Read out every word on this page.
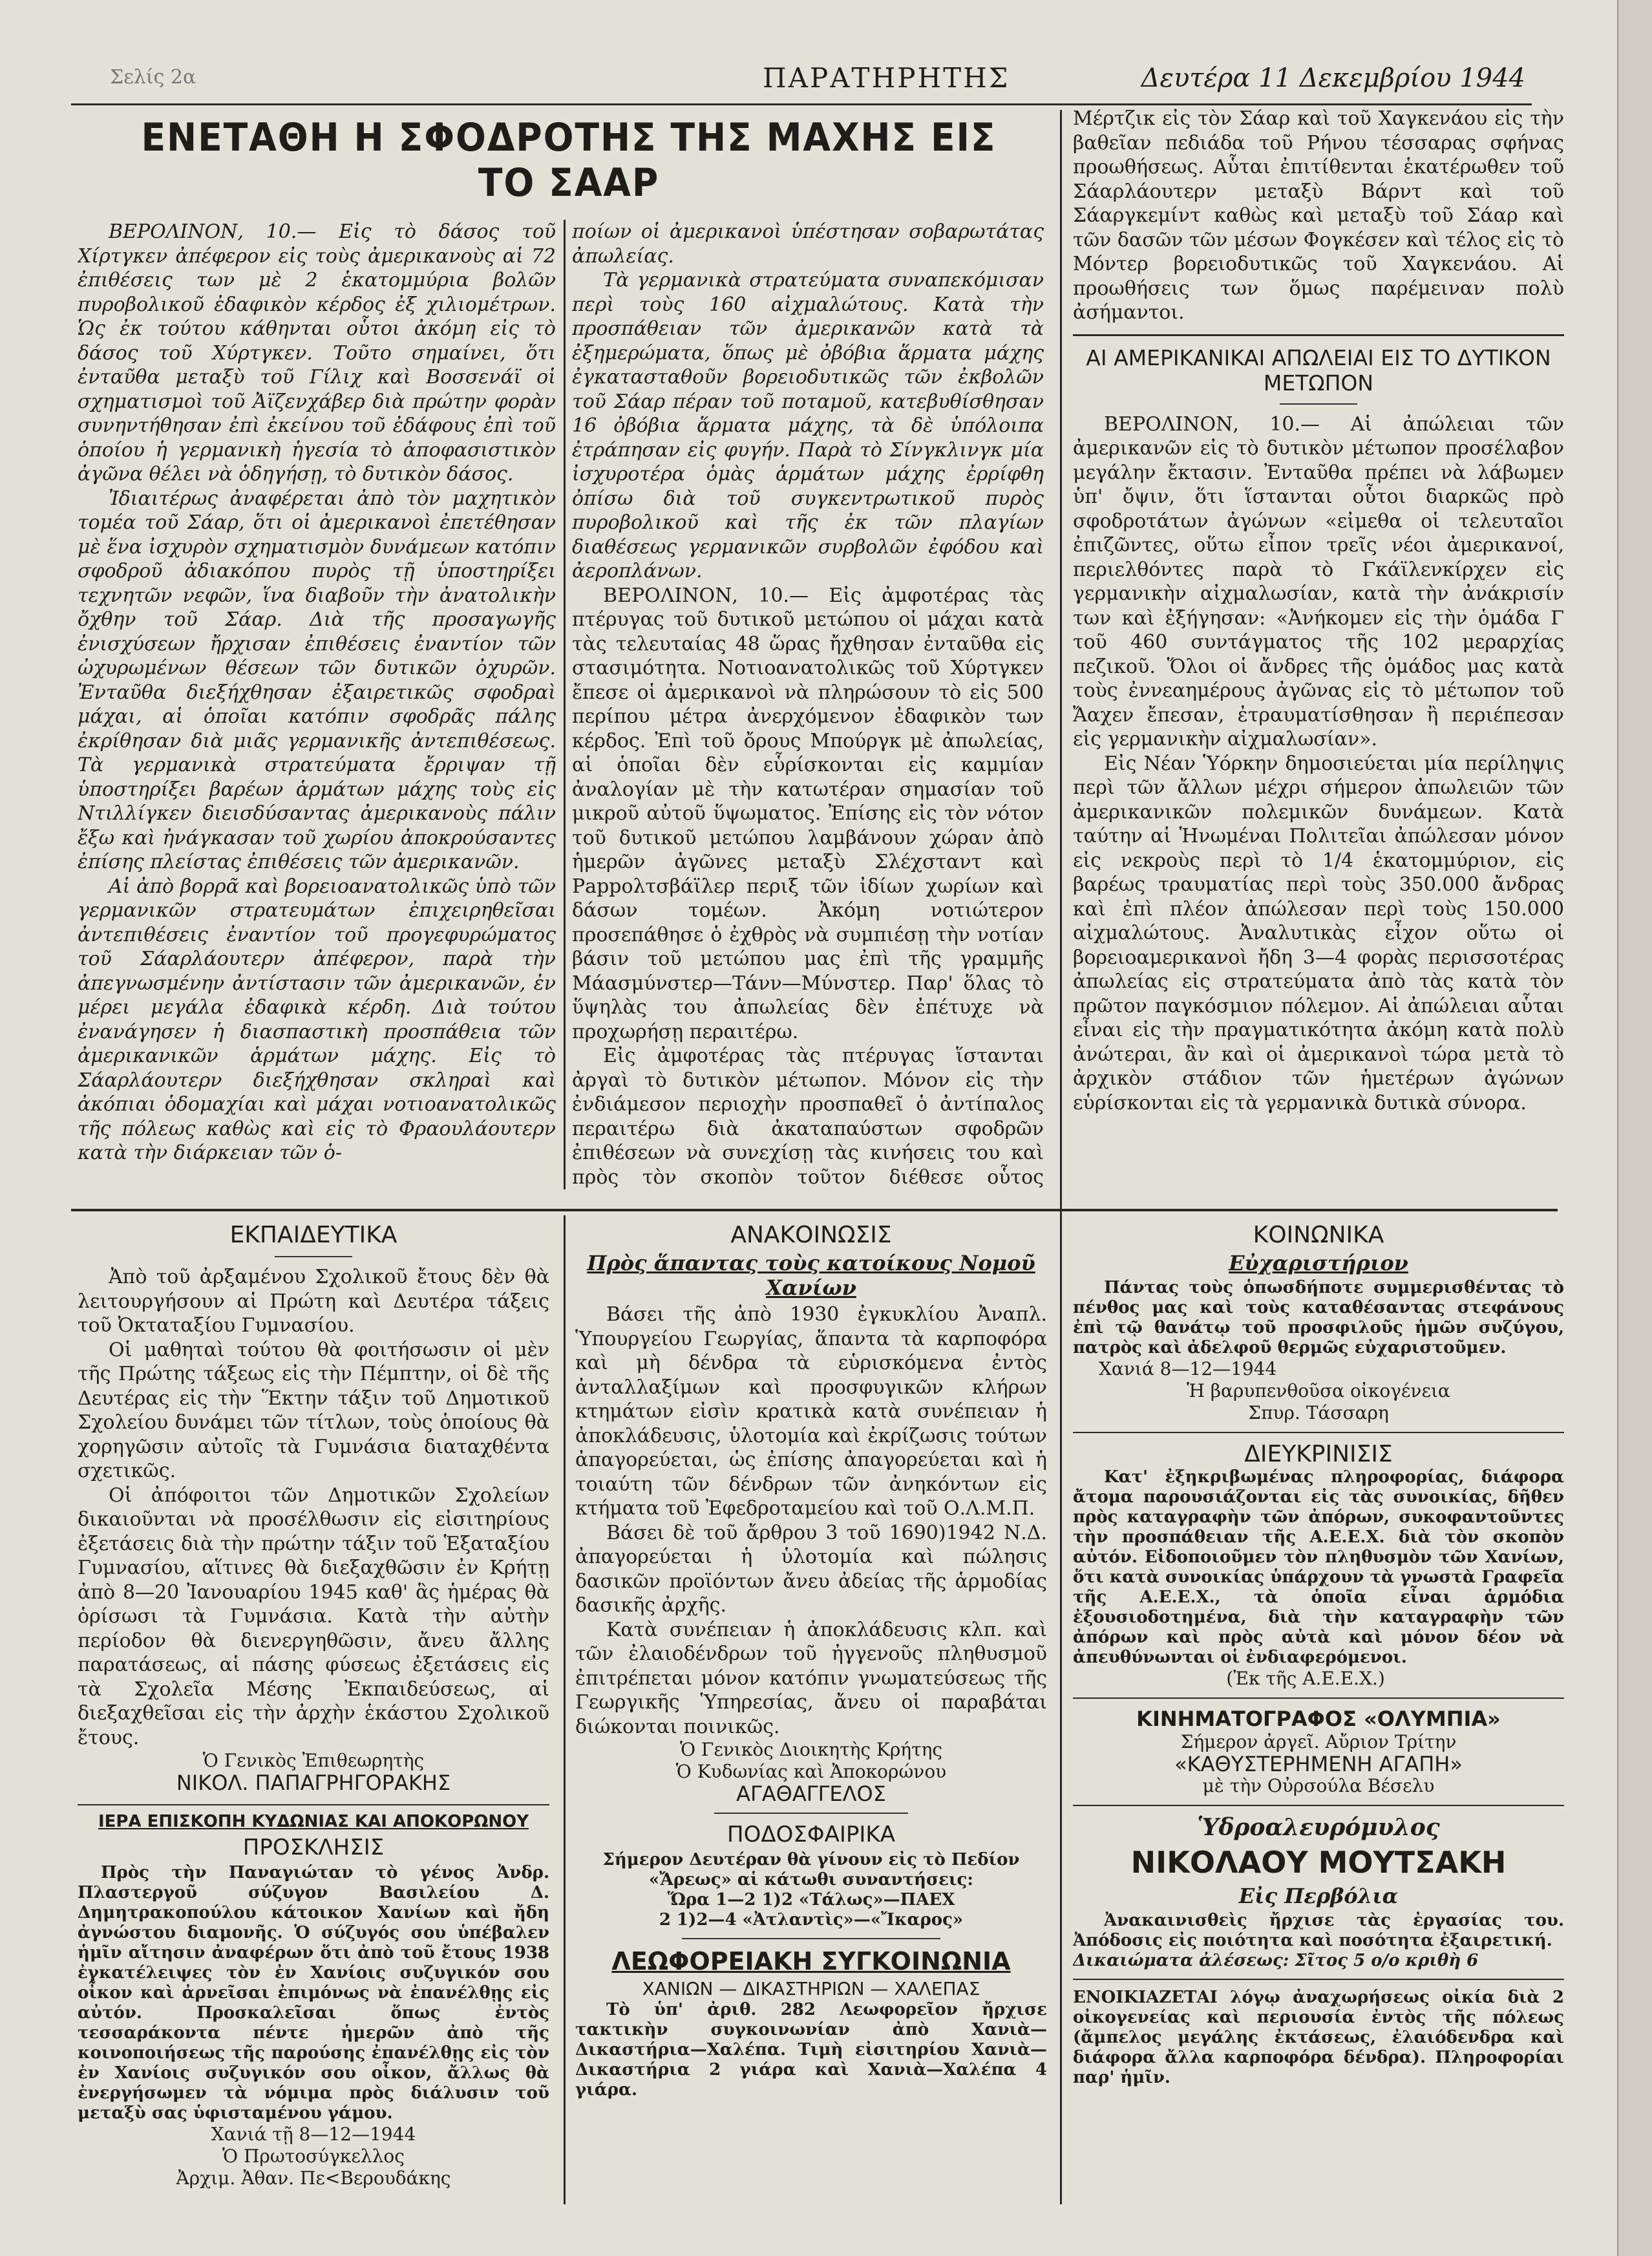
Σελίς 2α	ΠΑΡΑΤΗΡΗΤΗΣ	Δευτέρα 11 Δεκεμβρίου 1944
ΕΝΕΤΑΘΗ Η ΣΦΟΔΡΟΤΗΣ ΤΗΣ ΜΑΧΗΣ ΕΙΣ ΤΟ ΣΑΑΡ

ΒΕΡΟΛΙΝΟΝ, 10.— Εἰς τὸ δάσος τοῦ Χίρτγκεν ἀπέφερον εἰς τοὺς ἀμερικανοὺς αἱ 72 ἐπιθέσεις των μὲ 2 ἑκατομμύρια βολῶν πυροβολικοῦ ἐδαφικὸν κέρδος ἐξ χιλιομέτρων. Ὡς ἐκ τούτου κάθηνται οὗτοι ἀκόμη εἰς τὸ δάσος τοῦ Χύρτγκεν. Τοῦτο σημαίνει, ὅτι ἐνταῦθα μεταξὺ τοῦ Γίλιχ καὶ Βοσσενάϊ οἱ σχηματισμοὶ τοῦ Ἀϊζενχάβερ διὰ πρώτην φορὰν συνηντήθησαν ἐπὶ ἐκείνου τοῦ ἐδάφους ἐπὶ τοῦ ὁποίου ἡ γερμανικὴ ἡγεσία τὸ ἀποφασιστικὸν ἀγῶνα θέλει νὰ ὁδηγήσῃ, τὸ δυτικὸν δάσος.

Ἰδιαιτέρως ἀναφέρεται ἀπὸ τὸν μαχητικὸν τομέα τοῦ Σάαρ, ὅτι οἱ ἀμερικανοὶ ἐπετέθησαν μὲ ἕνα ἰσχυρὸν σχηματισμὸν δυνάμεων κατόπιν σφοδροῦ ἀδιακόπου πυρὸς τῇ ὑποστηρίξει τεχνητῶν νεφῶν, ἵνα διαβοῦν τὴν ἀνατολικὴν ὄχθην τοῦ Σάαρ. Διὰ τῆς προσαγωγῆς ἐνισχύσεων ἤρχισαν ἐπιθέσεις ἐναντίον τῶν ὠχυρωμένων θέσεων τῶν δυτικῶν ὀχυρῶν. Ἐνταῦθα διεξήχθησαν ἐξαιρετικῶς σφοδραὶ μάχαι, αἱ ὁποῖαι κατόπιν σφοδρᾶς πάλης ἐκρίθησαν διὰ μιᾶς γερμανικῆς ἀντεπιθέσεως. Τὰ γερμανικὰ στρατεύματα ἔρριψαν τῇ ὑποστηρίξει βαρέων ἁρμάτων μάχης τοὺς εἰς Ντιλλίγκεν διεισδύσαντας ἀμερικανοὺς πάλιν ἔξω καὶ ἠνάγκασαν τοῦ χωρίου ἀποκρούσαντες ἐπίσης πλείστας ἐπιθέσεις τῶν ἀμερικανῶν.

Αἱ ἀπὸ βορρᾶ καὶ βορειοανατολικῶς ὑπὸ τῶν γερμανικῶν στρατευμάτων ἐπιχειρηθεῖσαι ἀντεπιθέσεις ἐναντίον τοῦ προγεφυρώματος τοῦ Σάαρλάουτερν ἀπέφερον, παρὰ τὴν ἀπεγνωσμένην ἀντίστασιν τῶν ἀμερικανῶν, ἐν μέρει μεγάλα ἐδαφικὰ κέρδη. Διὰ τούτου ἐνανάγησεν ἡ διασπαστικὴ προσπάθεια τῶν ἀμερικανικῶν ἁρμάτων μάχης. Εἰς τὸ Σάαρλάουτερν διεξήχθησαν σκληραὶ καὶ ἀκόπιαι ὁδομαχίαι καὶ μάχαι νοτιοανατολικῶς τῆς πόλεως καθὼς καὶ εἰς τὸ Φραουλάουτερν κατὰ τὴν διάρκειαν τῶν ὁ-

ποίων οἱ ἀμερικανοὶ ὑπέστησαν σοβαρωτάτας ἀπωλείας.

Τὰ γερμανικὰ στρατεύματα συναπεκόμισαν περὶ τοὺς 160 αἰχμαλώτους. Κατὰ τὴν προσπάθειαν τῶν ἀμερικανῶν κατὰ τὰ ἐξημερώματα, ὅπως μὲ ὀβόβια ἅρματα μάχης ἐγκατασταθοῦν βορειοδυτικῶς τῶν ἐκβολῶν τοῦ Σάαρ πέραν τοῦ ποταμοῦ, κατεβυθίσθησαν 16 ὀβόβια ἅρματα μάχης, τὰ δὲ ὑπόλοιπα ἐτράπησαν εἰς φυγήν. Παρὰ τὸ Σίνγκλινγκ μία ἰσχυροτέρα ὁμὰς ἁρμάτων μάχης ἐρρίφθη ὀπίσω διὰ τοῦ συγκεντρωτικοῦ πυρὸς πυροβολικοῦ καὶ τῆς ἐκ τῶν πλαγίων διαθέσεως γερμανικῶν συρβολῶν ἐφόδου καὶ ἀεροπλάνων.

ΒΕΡΟΛΙΝΟΝ, 10.— Εἰς ἀμφοτέρας τὰς πτέρυγας τοῦ δυτικοῦ μετώπου οἱ μάχαι κατὰ τὰς τελευταίας 48 ὥρας ἤχθησαν ἐνταῦθα εἰς στασιμότητα. Νοτιοανατολικῶς τοῦ Χύρτγκεν ἔπεσε οἱ ἀμερικανοὶ νὰ πληρώσουν τὸ εἰς 500 περίπου μέτρα ἀνερχόμενον ἐδαφικὸν των κέρδος. Ἐπὶ τοῦ ὄρους Μπούργκ μὲ ἀπωλείας, αἱ ὁποῖαι δὲν εὗρίσκονται εἰς καμμίαν ἀναλογίαν μὲ τὴν κατωτέραν σημασίαν τοῦ μικροῦ αὐτοῦ ὕψωματος. Ἐπίσης εἰς τὸν νότον τοῦ δυτικοῦ μετώπου λαμβάνουν χώραν ἀπὸ ἡμερῶν ἀγῶνες μεταξὺ Σλέχσταντ καὶ Ρappολτσβάϊλερ περιξ τῶν ἰδίων χωρίων καὶ δάσων τομέων. Ἀκόμη νοτιώτερον προσεπάθησε ὁ ἐχθρὸς νὰ συμπιέσῃ τὴν νοτίαν βάσιν τοῦ μετώπου μας ἐπὶ τῆς γραμμῆς Μάασμύνστερ—Τάνν—Μύνστερ. Παρ' ὅλας τὸ ὕψηλὰς του ἀπωλείας δὲν ἐπέτυχε νὰ προχωρήσῃ περαιτέρω.

Εἰς ἀμφοτέρας τὰς πτέρυγας ἵστανται ἀργαὶ τὸ δυτικὸν μέτωπον. Μόνον εἰς τὴν ἐνδιάμεσον περιοχὴν προσπαθεῖ ὁ ἀντίπαλος περαιτέρω διὰ ἀκαταπαύστων σφοδρῶν ἐπιθέσεων νὰ συνεχίσῃ τὰς κινήσεις του καὶ πρὸς τὸν σκοπὸν τοῦτον διέθεσε οὗτος

Μέρτζικ εἰς τὸν Σάαρ καὶ τοῦ Χαγκενάου εἰς τὴν βαθεῖαν πεδιάδα τοῦ Ρήνου τέσσαρας σφήνας προωθήσεως. Αὗται ἐπιτίθενται ἑκατέρωθεν τοῦ Σάαρλάουτερν μεταξὺ Βάρντ καὶ τοῦ Σάαργκεμίντ καθὼς καὶ μεταξὺ τοῦ Σάαρ καὶ τῶν δασῶν τῶν μέσων Φογκέσεν καὶ τέλος εἰς τὸ Μόντερ βορειοδυτικῶς τοῦ Χαγκενάου. Αἱ προωθήσεις των ὅμως παρέμειναν πολὺ ἀσήμαντοι.

ΑΙ ΑΜΕΡΙΚΑΝΙΚΑΙ ΑΠΩΛΕΙΑΙ ΕΙΣ ΤΟ ΔΥΤΙΚΟΝ ΜΕΤΩΠΟΝ

ΒΕΡΟΛΙΝΟΝ, 10.— Αἱ ἀπώλειαι τῶν ἀμερικανῶν εἰς τὸ δυτικὸν μέτωπον προσέλαβον μεγάλην ἔκτασιν. Ἐνταῦθα πρέπει νὰ λάβωμεν ὑπ' ὄψιν, ὅτι ἵστανται οὗτοι διαρκῶς πρὸ σφοδροτάτων ἀγώνων «εἰμεθα οἱ τελευταῖοι ἐπιζῶντες, οὕτω εἶπον τρεῖς νέοι ἀμερικανοί, περιελθόντες παρὰ τὸ Γκάϊλενκίρχεν εἰς γερμανικὴν αἰχμαλωσίαν, κατὰ τὴν ἀνάκρισίν των καὶ ἐξήγησαν: «Ἀνήκομεν εἰς τὴν ὁμάδα Γ τοῦ 460 συντάγματος τῆς 102 μεραρχίας πεζικοῦ. Ὅλοι οἱ ἄνδρες τῆς ὁμάδος μας κατὰ τοὺς ἐννεαημέρους ἀγῶνας εἰς τὸ μέτωπον τοῦ Ἄαχεν ἔπεσαν, ἐτραυματίσθησαν ἢ περιέπεσαν εἰς γερμανικὴν αἰχμαλωσίαν».

Εἰς Νέαν Ὑόρκην δημοσιεύεται μία περίληψις περὶ τῶν ἄλλων μέχρι σήμερον ἀπωλειῶν τῶν ἀμερικανικῶν πολεμικῶν δυνάμεων. Κατὰ ταύτην αἱ Ἡνωμέναι Πολιτεῖαι ἀπώλεσαν μόνον εἰς νεκροὺς περὶ τὸ 1/4 ἑκατομμύριον, εἰς βαρέως τραυματίας περὶ τοὺς 350.000 ἄνδρας καὶ ἐπὶ πλέον ἀπώλεσαν περὶ τοὺς 150.000 αἰχμαλώτους. Ἀναλυτικὰς εἶχον οὕτω οἱ βορειοαμερικανοὶ ἤδη 3—4 φορὰς περισσοτέρας ἀπωλείας εἰς στρατεύματα ἀπὸ τὰς κατὰ τὸν πρῶτον παγκόσμιον πόλεμον. Αἱ ἀπώλειαι αὗται εἶναι εἰς τὴν πραγματικότητα ἀκόμη κατὰ πολὺ ἀνώτεραι, ἂν καὶ οἱ ἀμερικανοὶ τώρα μετὰ τὸ ἀρχικὸν στάδιον τῶν ἡμετέρων ἀγώνων εὑρίσκονται εἰς τὰ γερμανικὰ δυτικὰ σύνορα.

ΕΚΠΑΙΔΕΥΤΙΚΑ

Ἀπὸ τοῦ ἀρξαμένου Σχολικοῦ ἔτους δὲν θὰ λειτουργήσουν αἱ Πρώτη καὶ Δευτέρα τάξεις τοῦ Ὀκταταξίου Γυμνασίου.

Οἱ μαθηταὶ τούτου θὰ φοιτήσωσιν οἱ μὲν τῆς Πρώτης τάξεως εἰς τὴν Πέμπτην, οἱ δὲ τῆς Δευτέρας εἰς τὴν Ἕκτην τάξιν τοῦ Δημοτικοῦ Σχολείου δυνάμει τῶν τίτλων, τοὺς ὁποίους θὰ χορηγῶσιν αὐτοῖς τὰ Γυμνάσια διαταχθέντα σχετικῶς.

Οἱ ἀπόφοιτοι τῶν Δημοτικῶν Σχολείων δικαιοῦνται νὰ προσέλθωσιν εἰς εἰσιτηρίους ἐξετάσεις διὰ τὴν πρώτην τάξιν τοῦ Ἑξαταξίου Γυμνασίου, αἵτινες θὰ διεξαχθῶσιν ἐν Κρήτῃ ἀπὸ 8—20 Ἰανουαρίου 1945 καθ' ἃς ἡμέρας θὰ ὁρίσωσι τὰ Γυμνάσια. Κατὰ τὴν αὐτὴν περίοδον θὰ διενεργηθῶσιν, ἄνευ ἄλλης παρατάσεως, αἱ πάσης φύσεως ἐξετάσεις εἰς τὰ Σχολεῖα Μέσης Ἐκπαιδεύσεως, αἱ διεξαχθεῖσαι εἰς τὴν ἀρχὴν ἑκάστου Σχολικοῦ ἔτους.

Ὁ Γενικὸς Ἐπιθεωρητὴς

ΝΙΚΟΛ. ΠΑΠΑΓΡΗΓΟΡΑΚΗΣ

ΙΕΡΑ ΕΠΙΣΚΟΠΗ ΚΥΔΩΝΙΑΣ ΚΑΙ ΑΠΟΚΟΡΩΝΟΥ

ΠΡΟΣΚΛΗΣΙΣ

Πρὸς τὴν Παναγιώταν τὸ γένος Ἀνδρ. Πλαστεργοῦ σύζυγον Βασιλείου Δ. Δημητρακοπούλου κάτοικον Χανίων καὶ ἤδη ἀγνώστου διαμονῆς. Ὁ σύζυγός σου ὑπέβαλεν ἡμῖν αἴτησιν ἀναφέρων ὅτι ἀπὸ τοῦ ἔτους 1938 ἐγκατέλειψες τὸν ἐν Χανίοις συζυγικόν σου οἶκον καὶ ἀρνεῖσαι ἐπιμόνως νὰ ἐπανέλθῃς εἰς αὐτόν. Προσκαλεῖσαι ὅπως ἐντὸς τεσσαράκοντα πέντε ἡμερῶν ἀπὸ τῆς κοινοποιήσεως τῆς παρούσης ἐπανέλθῃς εἰς τὸν ἐν Χανίοις συζυγικόν σου οἶκον, ἄλλως θὰ ἐνεργήσωμεν τὰ νόμιμα πρὸς διάλυσιν τοῦ μεταξὺ σας ὑφισταμένου γάμου.

Χανιά τῇ 8—12—1944

Ὁ Πρωτοσύγκελλος

Ἀρχιμ. Ἀθαν. Πε<Βερουδάκης

ΑΝΑΚΟΙΝΩΣΙΣ

Πρὸς ἅπαντας τοὺς κατοίκους Νομοῦ Χανίων

Βάσει τῆς ἀπὸ 1930 ἐγκυκλίου Ἀναπλ. Ὑπουργείου Γεωργίας, ἅπαντα τὰ καρποφόρα καὶ μὴ δένδρα τὰ εὑρισκόμενα ἐντὸς ἀνταλλαξίμων καὶ προσφυγικῶν κλήρων κτημάτων εἰσὶν κρατικὰ κατὰ συνέπειαν ἡ ἀποκλάδευσις, ὑλοτομία καὶ ἐκρίζωσις τούτων ἀπαγορεύεται, ὡς ἐπίσης ἀπαγορεύεται καὶ ἡ τοιαύτη τῶν δένδρων τῶν ἀνηκόντων εἰς κτήματα τοῦ Ἐφεδροταμείου καὶ τοῦ Ο.Λ.Μ.Π.

Βάσει δὲ τοῦ ἄρθρου 3 τοῦ 1690)1942 Ν.Δ. ἀπαγορεύεται ἡ ὑλοτομία καὶ πώλησις δασικῶν προϊόντων ἄνευ ἀδείας τῆς ἁρμοδίας δασικῆς ἀρχῆς.

Κατὰ συνέπειαν ἡ ἀποκλάδευσις κλπ. καὶ τῶν ἐλαιοδένδρων τοῦ ἠγγενοῦς πληθυσμοῦ ἐπιτρέπεται μόνον κατόπιν γνωματεύσεως τῆς Γεωργικῆς Ὑπηρεσίας, ἄνευ οἱ παραβάται διώκονται ποινικῶς.

Ὁ Γενικὸς Διοικητὴς Κρήτης

Ὁ Κυδωνίας καὶ Ἀποκορώνου

ΑΓΑΘΑΓΓΕΛΟΣ

ΠΟΔΟΣΦΑΙΡΙΚΑ

Σήμερον Δευτέραν θὰ γίνουν εἰς τὸ Πεδίον «Ἄρεως» αἱ κάτωθι συναντήσεις:

Ὥρα 1—2 1)2 «Τάλως»—ΠΑΕΧ

2 1)2—4 «Ἀτλαντὶς»—«Ἴκαρος»

ΛΕΩΦΟΡΕΙΑΚΗ ΣΥΓΚΟΙΝΩΝΙΑ

ΧΑΝΙΩΝ — ΔΙΚΑΣΤΗΡΙΩΝ — ΧΑΛΕΠΑΣ

Τὸ ὑπ' ἀριθ. 282 Λεωφορεῖον ἤρχισε τακτικὴν συγκοινωνίαν ἀπὸ Χανιὰ—Δικαστήρια—Χαλέπα. Τιμὴ εἰσιτηρίου Χανιὰ—Δικαστήρια 2 γιάρα καὶ Χανιὰ—Χαλέπα 4 γιάρα.

ΚΟΙΝΩΝΙΚΑ

Εὐχαριστήριον

Πάντας τοὺς ὁπωσδήποτε συμμερισθέντας τὸ πένθος μας καὶ τοὺς καταθέσαντας στεφάνους ἐπὶ τῷ θανάτῳ τοῦ προσφιλοῦς ἡμῶν συζύγου, πατρὸς καὶ ἀδελφοῦ θερμῶς εὐχαριστοῦμεν.

Χανιά 8—12—1944

Ἡ βαρυπενθοῦσα οἰκογένεια

Σπυρ. Τάσσαρη

ΔΙΕΥΚΡΙΝΙΣΙΣ

Κατ' ἐξηκριβωμένας πληροφορίας, διάφορα ἄτομα παρουσιάζονται εἰς τὰς συνοικίας, δῆθεν πρὸς καταγραφὴν τῶν ἀπόρων, συκοφαντοῦντες τὴν προσπάθειαν τῆς Α.Ε.Ε.Χ. διὰ τὸν σκοπὸν αὐτόν. Εἰδοποιοῦμεν τὸν πληθυσμὸν τῶν Χανίων, ὅτι κατὰ συνοικίας ὑπάρχουν τὰ γνωστὰ Γραφεῖα τῆς Α.Ε.Ε.Χ., τὰ ὁποῖα εἶναι ἁρμόδια ἐξουσιοδοτημένα, διὰ τὴν καταγραφὴν τῶν ἀπόρων καὶ πρὸς αὐτὰ καὶ μόνον δέον νὰ ἀπευθύνωνται οἱ ἐνδιαφερόμενοι.

(Ἐκ τῆς Α.Ε.Ε.Χ.)

ΚΙΝΗΜΑΤΟΓΡΑΦΟΣ «ΟΛΥΜΠΙΑ»

Σήμερον ἀργεῖ. Αὔριον Τρίτην

«ΚΑΘΥΣΤΕΡΗΜΕΝΗ ΑΓΑΠΗ»

μὲ τὴν Οὐρσούλα Βέσελυ

Ὑδροαλευρόμυλος

ΝΙΚΟΛΑΟΥ ΜΟΥΤΣΑΚΗ

Εἰς Περβόλια

Ἀνακαινισθεὶς ἤρχισε τὰς ἐργασίας του. Ἀπόδοσις εἰς ποιότητα καὶ ποσότητα ἐξαιρετική.

Δικαιώματα ἀλέσεως: Σῖτος 5 ο/ο κριθὴ 6

ΕΝΟΙΚΙΑΖΕΤΑΙ λόγῳ ἀναχωρήσεως οἰκία διὰ 2 οἰκογενείας καὶ περιουσία ἐντὸς τῆς πόλεως (ἄμπελος μεγάλης ἐκτάσεως, ἐλαιόδενδρα καὶ διάφορα ἄλλα καρποφόρα δένδρα). Πληροφορίαι παρ' ἡμῖν.
